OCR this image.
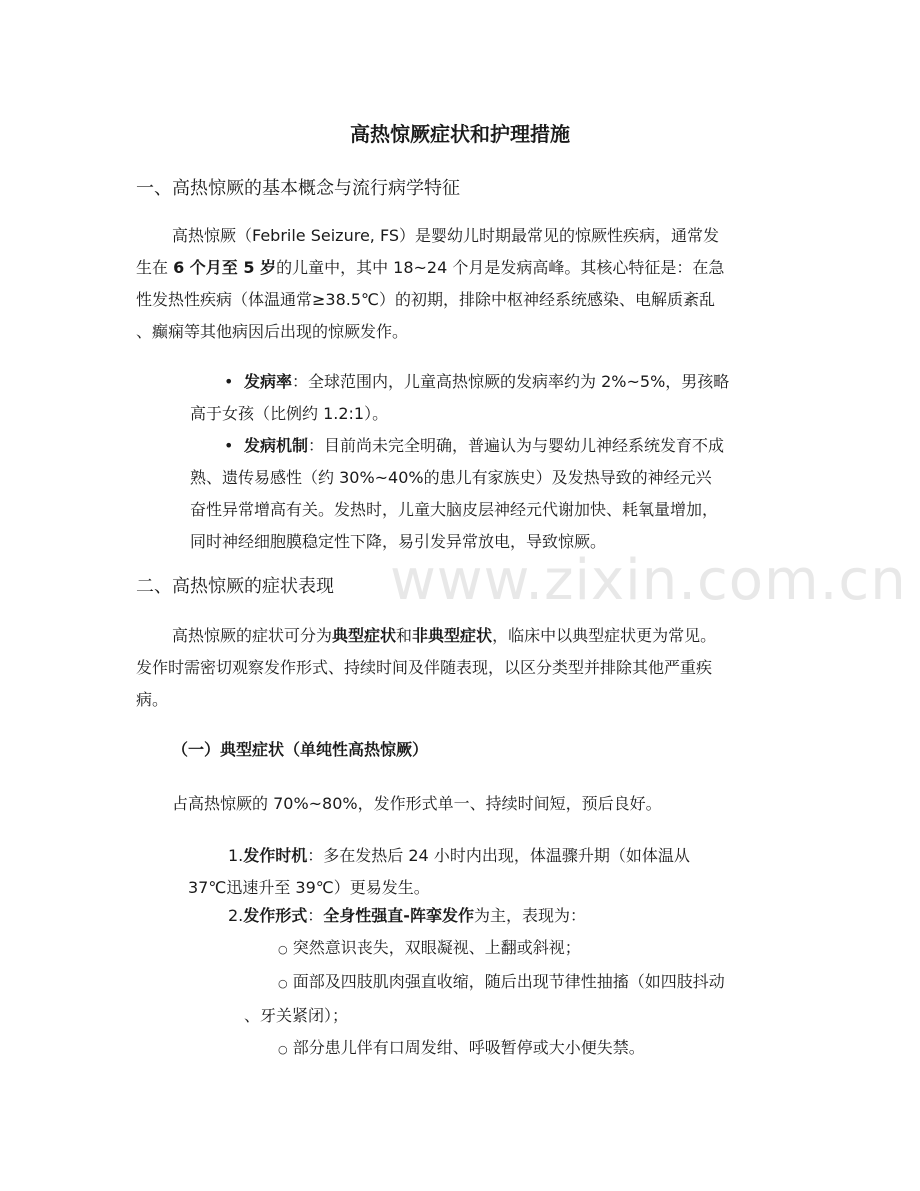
www.zixin.com.cn
高热惊厥症状和护理措施
一、高热惊厥的基本概念与流行病学特征
高热惊厥（Febrile Seizure, FS）是婴幼儿时期最常见的惊厥性疾病，通常发
生在 6 个月至 5 岁的儿童中，其中 18~24 个月是发病高峰。其核心特征是：在急
性发热性疾病（体温通常≥38.5℃）的初期，排除中枢神经系统感染、电解质紊乱
、癫痫等其他病因后出现的惊厥发作。
• 发病率：全球范围内，儿童高热惊厥的发病率约为 2%~5%，男孩略
高于女孩（比例约 1.2:1）。
• 发病机制：目前尚未完全明确，普遍认为与婴幼儿神经系统发育不成
熟、遗传易感性（约 30%~40%的患儿有家族史）及发热导致的神经元兴
奋性异常增高有关。发热时，儿童大脑皮层神经元代谢加快、耗氧量增加，
同时神经细胞膜稳定性下降，易引发异常放电，导致惊厥。
二、高热惊厥的症状表现
高热惊厥的症状可分为典型症状和非典型症状，临床中以典型症状更为常见。
发作时需密切观察发作形式、持续时间及伴随表现，以区分类型并排除其他严重疾
病。
（一）典型症状（单纯性高热惊厥）
占高热惊厥的 70%~80%，发作形式单一、持续时间短，预后良好。
1.发作时机：多在发热后 24 小时内出现，体温骤升期（如体温从
37℃迅速升至 39℃）更易发生。
2.发作形式：全身性强直-阵挛发作为主，表现为：
○ 突然意识丧失，双眼凝视、上翻或斜视；
○ 面部及四肢肌肉强直收缩，随后出现节律性抽搐（如四肢抖动
、牙关紧闭）；
○ 部分患儿伴有口周发绀、呼吸暂停或大小便失禁。
